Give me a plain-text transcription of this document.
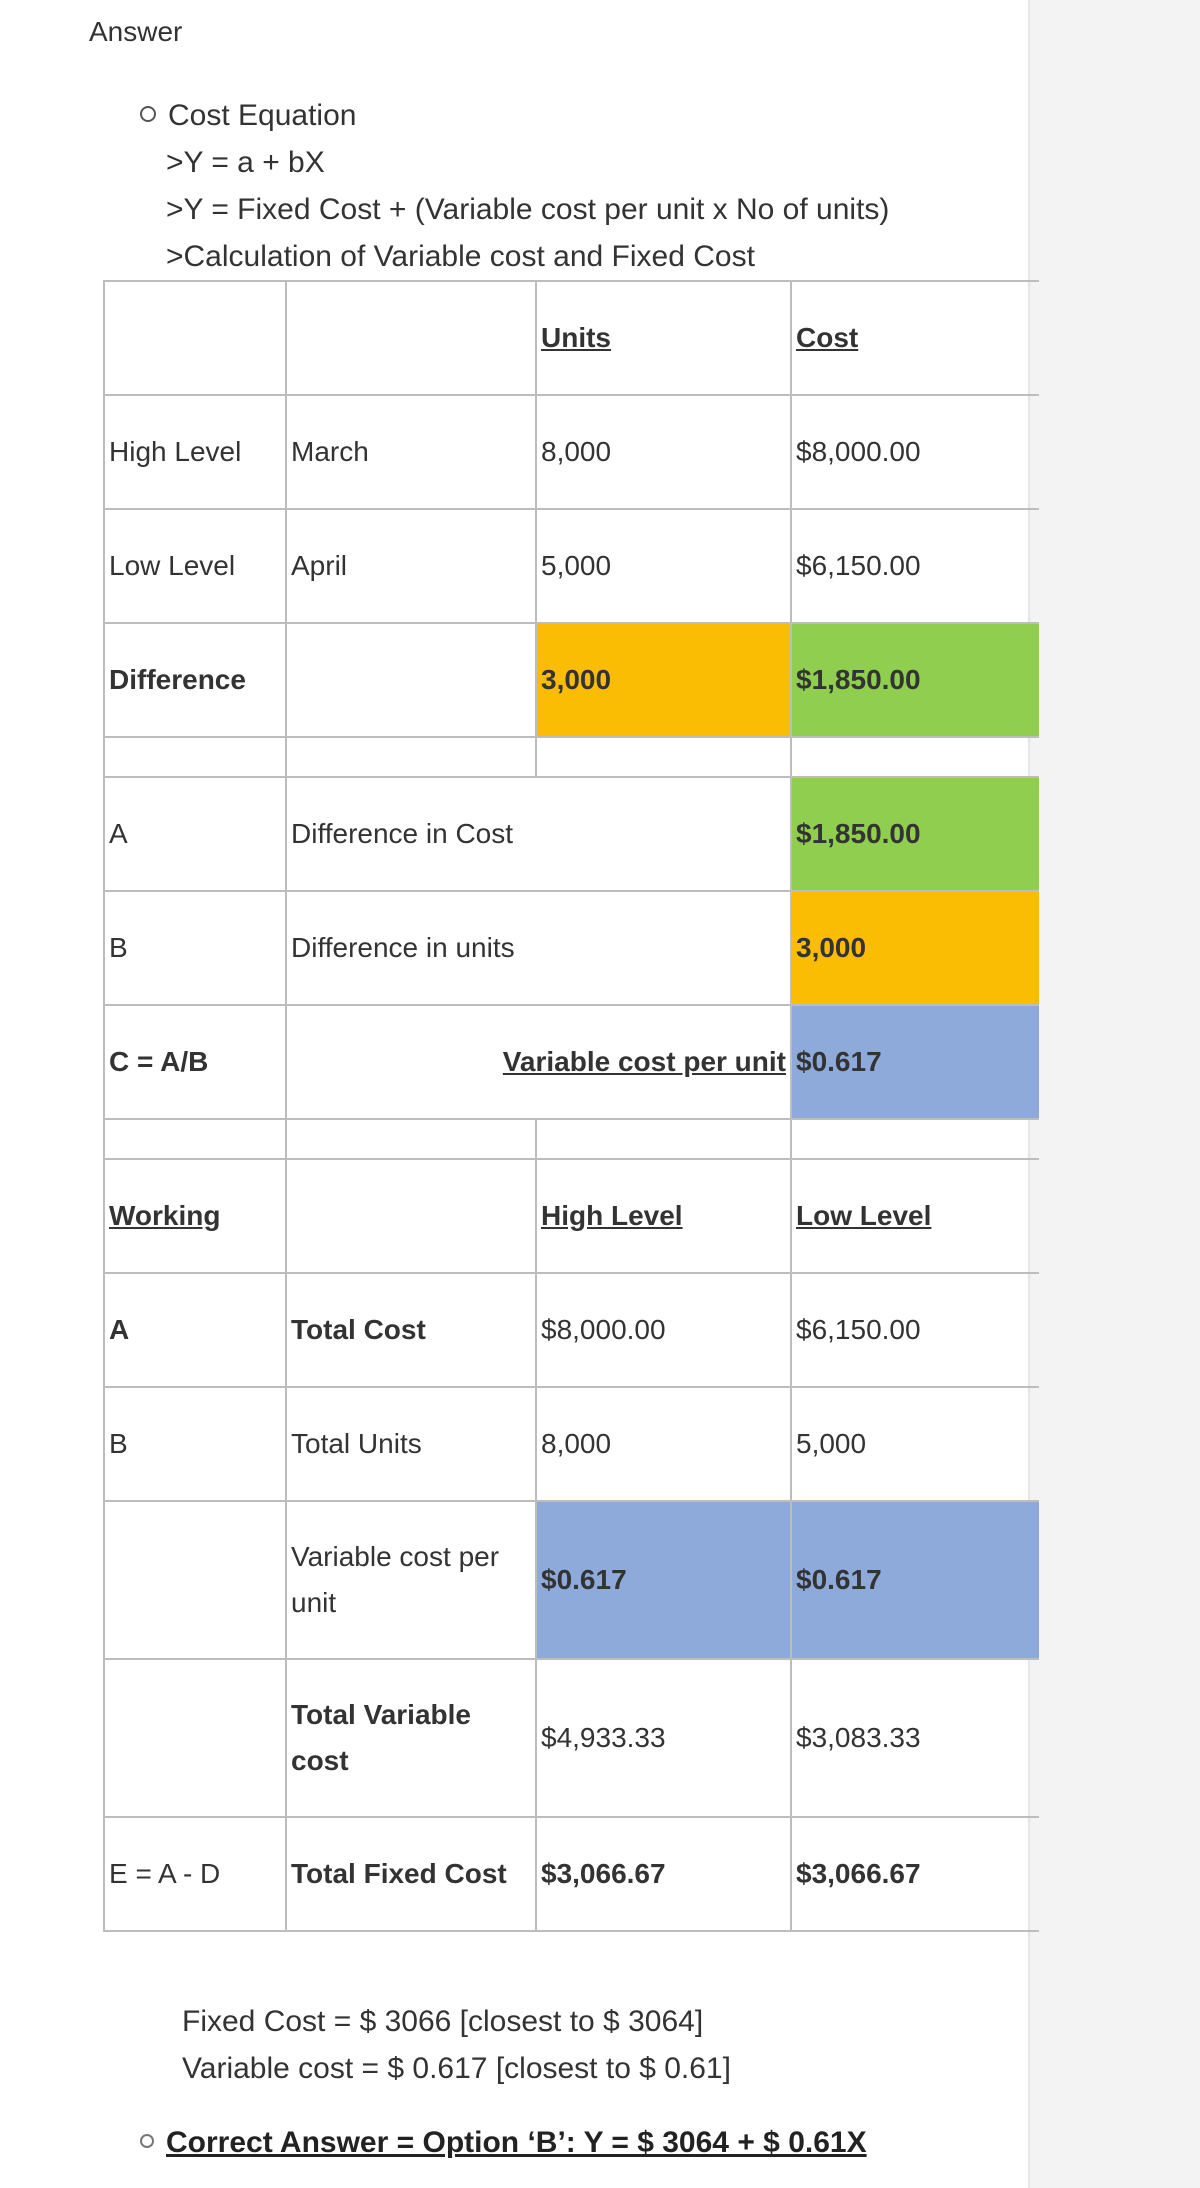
Answer
Cost Equation
>Y = a + bX
>Y = Fixed Cost + (Variable cost per unit x No of units)
>Calculation of Variable cost and Fixed Cost
		Units	Cost
High Level	March	8,000	$8,000.00
Low Level	April	5,000	$6,150.00
Difference		3,000	$1,850.00

A	Difference in Cost		$1,850.00
B	Difference in units		3,000
C = A/B	Variable cost per unit		$0.617

Working		High Level	Low Level
A	Total Cost	$8,000.00	$6,150.00
B	Total Units	8,000	5,000
	Variable cost per unit	$0.617	$0.617
	Total Variable cost	$4,933.33	$3,083.33
E = A - D	Total Fixed Cost	$3,066.67	$3,066.67
Fixed Cost = $ 3066 [closest to $ 3064]
Variable cost = $ 0.617 [closest to $ 0.61]
Correct Answer = Option ‘B’: Y = $ 3064 + $ 0.61X
